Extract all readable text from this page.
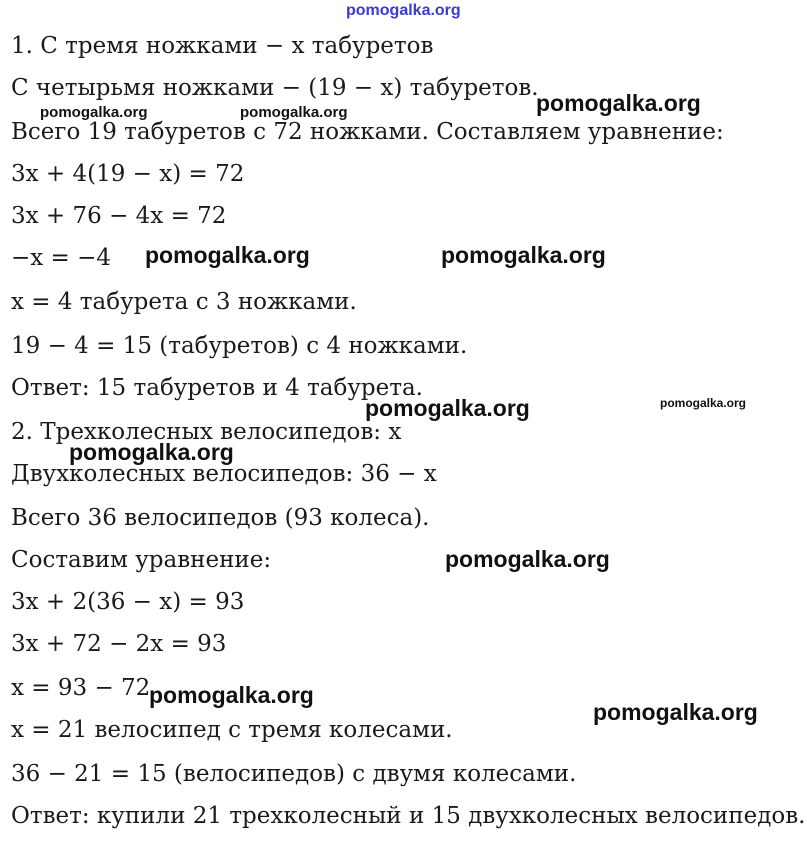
pomogalka.org
1. С тремя ножками − x табуретов
С четырьмя ножками − (19 − x) табуретов.
Всего 19 табуретов с 72 ножками. Составляем уравнение:
3x + 4(19 − x) = 72
3x + 76 − 4x = 72
−x = −4
x = 4 табурета с 3 ножками.
19 − 4 = 15 (табуретов) с 4 ножками.
Ответ: 15 табуретов и 4 табурета.
2. Трехколесных велосипедов: x
Двухколесных велосипедов: 36 − x
Всего 36 велосипедов (93 колеса).
Составим уравнение:
3x + 2(36 − x) = 93
3x + 72 − 2x = 93
x = 93 − 72
x = 21 велосипед с тремя колесами.
36 − 21 = 15 (велосипедов) с двумя колесами.
Ответ: купили 21 трехколесный и 15 двухколесных велосипедов.
pomogalka.org	pomogalka.org	pomogalka.org
pomogalka.org	pomogalka.org
pomogalka.org	pomogalka.org
pomogalka.org
pomogalka.org
pomogalka.org
pomogalka.org
